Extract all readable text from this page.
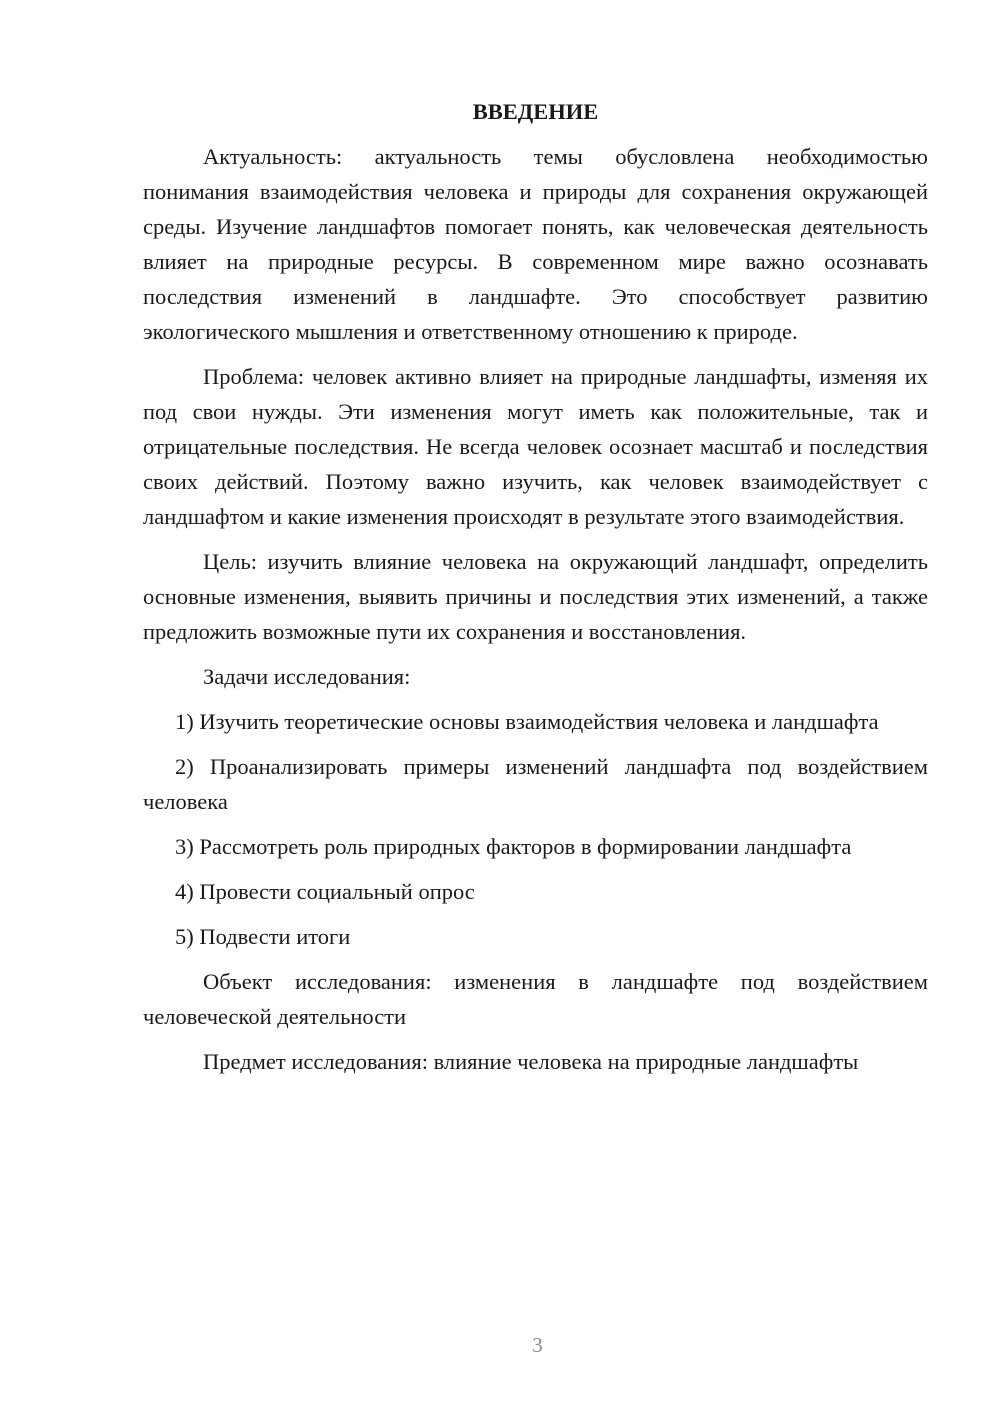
ВВЕДЕНИЕ

Актуальность: актуальность темы обусловлена необходимостью понимания взаимодействия человека и природы для сохранения окружающей среды. Изучение ландшафтов помогает понять, как человеческая деятельность влияет на природные ресурсы. В современном мире важно осознавать последствия изменений в ландшафте. Это способствует развитию экологического мышления и ответственному отношению к природе.

Проблема: человек активно влияет на природные ландшафты, изменяя их под свои нужды. Эти изменения могут иметь как положительные, так и отрицательные последствия. Не всегда человек осознает масштаб и последствия своих действий. Поэтому важно изучить, как человек взаимодействует с ландшафтом и какие изменения происходят в результате этого взаимодействия.

Цель: изучить влияние человека на окружающий ландшафт, определить основные изменения, выявить причины и последствия этих изменений, а также предложить возможные пути их сохранения и восстановления.

Задачи исследования:

1) Изучить теоретические основы взаимодействия человека и ландшафта

2) Проанализировать примеры изменений ландшафта под воздействием человека

3) Рассмотреть роль природных факторов в формировании ландшафта

4) Провести социальный опрос

5) Подвести итоги

Объект исследования: изменения в ландшафте под воздействием человеческой деятельности

Предмет исследования: влияние человека на природные ландшафты

3
